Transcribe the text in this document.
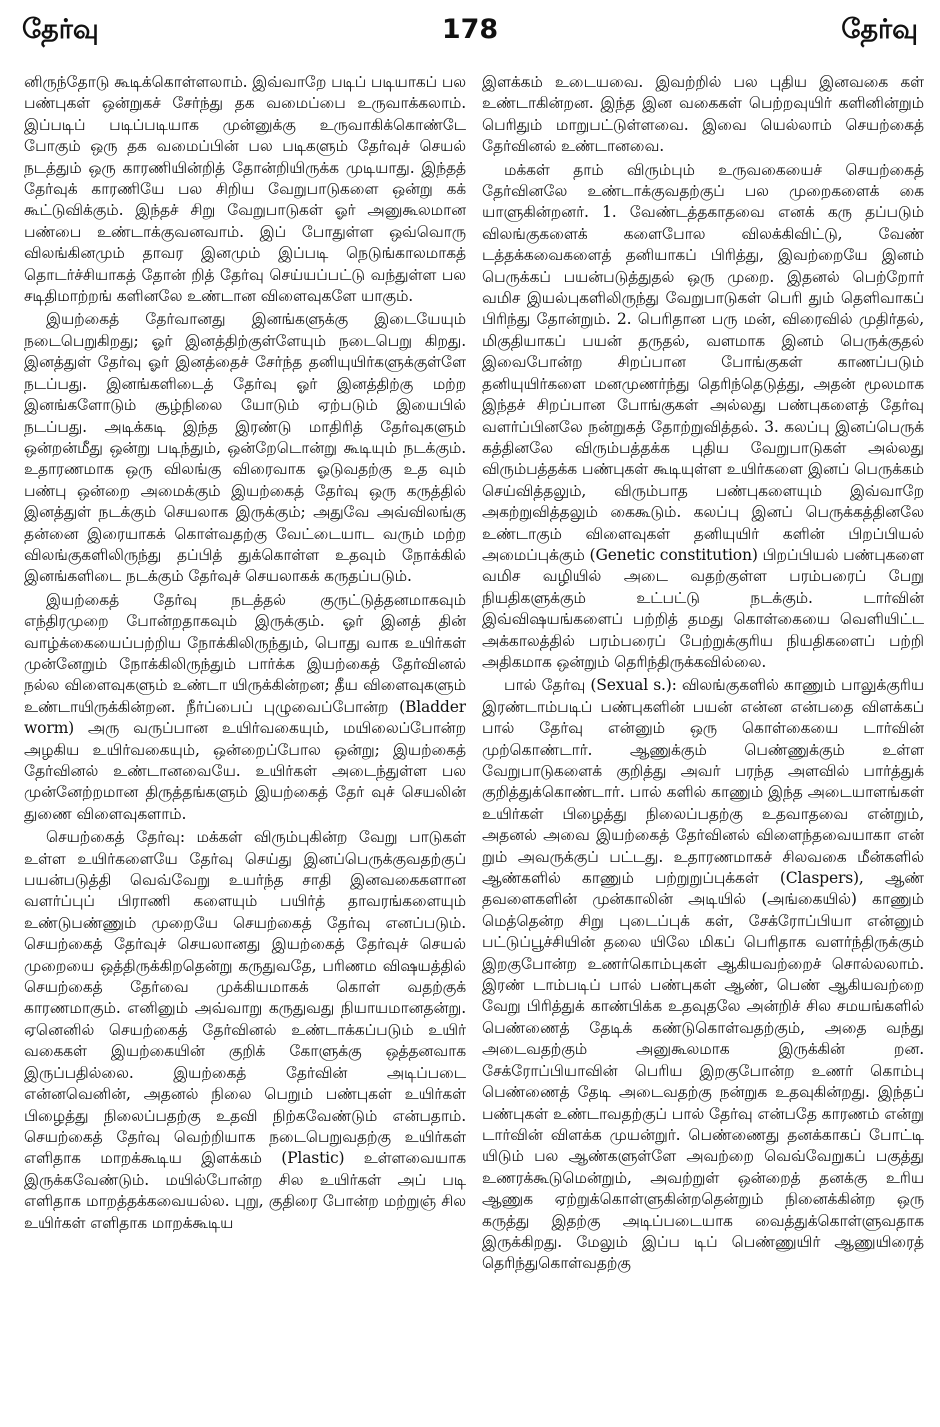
தேர்வு	178	தேர்வு

னிருந்தோடு கூடிக்கொள்ளலாம். இவ்வாறே படிப் படியாகப் பல பண்புகள் ஒன்றுகச் சேர்ந்து தக வமைப்பை உருவாக்கலாம். இப்படிப் படிப்படியாக முன்னுக்கு உருவாகிக்கொண்டே போகும் ஒரு தக வமைப்பின் பல படிகளும் தேர்வுச் செயல் நடத்தும் ஒரு காரணியின்றித் தோன்றியிருக்க முடியாது. இந்தத் தேர்வுக் காரணியே பல சிறிய வேறுபாடுகளை ஒன்று கக் கூட்டுவிக்கும். இந்தச் சிறு வேறுபாடுகள் ஓர் அனுகூலமான பண்பை உண்டாக்குவனவாம். இப் போதுள்ள ஒவ்வொரு விலங்கினமும் தாவர இனமும் இப்படி நெடுங்காலமாகத் தொடர்ச்சியாகத் தோன் றித் தேர்வு செய்யப்பட்டு வந்துள்ள பல சடிதிமாற்றங் களினலே உண்டான விளைவுகளே யாகும்.

இயற்கைத் தேர்வானது இனங்களுக்கு இடையேயும் நடைபெறுகிறது; ஓர் இனத்திற்குள்ளேயும் நடைபெறு கிறது. இனத்துள் தேர்வு ஓர் இனத்தைச் சேர்ந்த தனியுயிர்களுக்குள்ளே நடப்பது. இனங்களிடைத் தேர்வு ஓர் இனத்திற்கு மற்ற இனங்களோடும் சூழ்நிலை யோடும் ஏற்படும் இயைபில் நடப்பது. அடிக்கடி இந்த இரண்டு மாதிரித் தேர்வுகளும் ஒன்றன்மீது ஒன்று படிந்தும், ஒன்றேடொன்று கூடியும் நடக்கும். உதாரணமாக ஒரு விலங்கு விரைவாக ஓடுவதற்கு உத வும் பண்பு ஒன்றை அமைக்கும் இயற்கைத் தேர்வு ஒரு கருத்தில் இனத்துள் நடக்கும் செயலாக இருக்கும்; அதுவே அவ்விலங்கு தன்னை இரையாகக் கொள்வதற்கு வேட்டையாட வரும் மற்ற விலங்குகளிலிருந்து தப்பித் துக்கொள்ள உதவும் நோக்கில் இனங்களிடை நடக்கும் தேர்வுச் செயலாகக் கருதப்படும்.

இயற்கைத் தேர்வு நடத்தல் குருட்டுத்தனமாகவும் எந்திரமுறை போன்றதாகவும் இருக்கும். ஓர் இனத் தின் வாழ்க்கையைப்பற்றிய நோக்கிலிருந்தும், பொது வாக உயிர்கள் முன்னேறும் நோக்கிலிருந்தும் பார்க்க இயற்கைத் தேர்வினல் நல்ல விளைவுகளும் உண்டா யிருக்கின்றன; தீய விளைவுகளும் உண்டாயிருக்கின்றன. நீர்ப்பைப் புழுவைப்போன்ற (Bladder worm) அரு வருப்பான உயிர்வகையும், மயிலைப்போன்ற அழகிய உயிர்வகையும், ஒன்றைப்போல ஒன்று; இயற்கைத் தேர்வினல் உண்டானவையே. உயிர்கள் அடைந்துள்ள பல முன்னேற்றமான திருத்தங்களும் இயற்கைத் தேர் வுச் செயலின் துணை விளைவுகளாம்.

செயற்கைத் தேர்வு: மக்கள் விரும்புகின்ற வேறு பாடுகள் உள்ள உயிர்களையே தேர்வு செய்து இனப்பெருக்குவதற்குப் பயன்படுத்தி வெவ்வேறு உயர்ந்த சாதி இனவகைகளான வளர்ப்புப் பிராணி களையும் பயிர்த் தாவரங்களையும் உண்டுபண்ணும் முறையே செயற்கைத் தேர்வு எனப்படும். செயற்கைத் தேர்வுச் செயலானது இயற்கைத் தேர்வுச் செயல் முறையை ஒத்திருக்கிறதென்று கருதுவதே, பரிணம விஷயத்தில் செயற்கைத் தேர்வை முக்கியமாகக் கொள் வதற்குக் காரணமாகும். எனினும் அவ்வாறு கருதுவது நியாயமானதன்று. ஏனெனில் செயற்கைத் தேர்வினல் உண்டாக்கப்படும் உயிர் வகைகள் இயற்கையின் குறிக் கோளுக்கு ஒத்தனவாக இருப்பதில்லை. இயற்கைத் தேர்வின் அடிப்படை என்னவெனின், அதனல் நிலை பெறும் பண்புகள் உயிர்கள் பிழைத்து நிலைப்பதற்கு உதவி நிற்கவேண்டும் என்பதாம். செயற்கைத் தேர்வு வெற்றியாக நடைபெறுவதற்கு உயிர்கள் எளிதாக மாறக்கூடிய இளக்கம் (Plastic) உள்ளவையாக இருக்கவேண்டும். மயில்போன்ற சில உயிர்கள் அப் படி எளிதாக மாறத்தக்கவையல்ல. புறு, குதிரை போன்ற மற்றுஞ் சில உயிர்கள் எளிதாக மாறக்கூடிய

இளக்கம் உடையவை. இவற்றில் பல புதிய இனவகை கள் உண்டாகின்றன. இந்த இன வகைகள் பெற்றவுயிர் களினின்றும் பெரிதும் மாறுபட்டுள்ளவை. இவை யெல்லாம் செயற்கைத் தேர்வினல் உண்டானவை.

மக்கள் தாம் விரும்பும் உருவகையைச் செயற்கைத் தேர்வினலே உண்டாக்குவதற்குப் பல முறைகளைக் கை யாளுகின்றனர். 1. வேண்டத்தகாதவை எனக் கரு தப்படும் விலங்குகளைக் களைபோல விலக்கிவிட்டு, வேண் டத்தக்கவைகளைத் தனியாகப் பிரித்து, இவற்றையே இனம் பெருக்கப் பயன்படுத்துதல் ஒரு முறை. இதனல் பெற்றோர் வமிச இயல்புகளிலிருந்து வேறுபாடுகள் பெரி தும் தெளிவாகப் பிரிந்து தோன்றும். 2. பெரிதான பரு மன், விரைவில் முதிர்தல், மிகுதியாகப் பயன் தருதல், வளமாக இனம் பெருக்குதல் இவைபோன்ற சிறப்பான போங்குகள் காணப்படும் தனியுயிர்களை மனமுணர்ந்து தெரிந்தெடுத்து, அதன் மூலமாக இந்தச் சிறப்பான போங்குகள் அல்லது பண்புகளைத் தேர்வு வளர்ப்பினலே நன்றுகத் தோற்றுவித்தல். 3. கலப்பு இனப்பெருக் கத்தினலே விரும்பத்தக்க புதிய வேறுபாடுகள் அல்லது விரும்பத்தக்க பண்புகள் கூடியுள்ள உயிர்களை இனப் பெருக்கம் செய்வித்தலும், விரும்பாத பண்புகளையும் இவ்வாறே அகற்றுவித்தலும் கைகூடும். கலப்பு இனப் பெருக்கத்தினலே உண்டாகும் விளைவுகள் தனியுயிர் களின் பிறப்பியல் அமைப்புக்கும் (Genetic constitution) பிறப்பியல் பண்புகளை வமிச வழியில் அடை வதற்குள்ள பரம்பரைப் பேறு நியதிகளுக்கும் உட்பட்டு நடக்கும். டார்வின் இவ்விஷயங்களைப் பற்றித் தமது கொள்கையை வெளியிட்ட அக்காலத்தில் பரம்பரைப் பேற்றுக்குரிய நியதிகளைப் பற்றி அதிகமாக ஒன்றும் தெரிந்திருக்கவில்லை.

பால் தேர்வு (Sexual s.): விலங்குகளில் காணும் பாலுக்குரிய இரண்டாம்படிப் பண்புகளின் பயன் என்ன என்பதை விளக்கப் பால் தேர்வு என்னும் ஒரு கொள்கையை டார்வின் முற்கொண்டார். ஆணுக்கும் பெண்ணுக்கும் உள்ள வேறுபாடுகளைக் குறித்து அவர் பரந்த அளவில் பார்த்துக் குறித்துக்கொண்டார். பால் களில் காணும் இந்த அடையாளங்கள் உயிர்கள் பிழைத்து நிலைப்பதற்கு உதவாதவை என்றும், அதனல் அவை இயற்கைத் தேர்வினல் விளைந்தவையாகா என் றும் அவருக்குப் பட்டது. உதாரணமாகச் சிலவகை மீன்களில் ஆண்களில் காணும் பற்றுறுப்புக்கள் (Claspers), ஆண் தவளைகளின் முன்காலின் அடியில் (அங்கையில்) காணும் மெத்தென்ற சிறு புடைப்புக் கள், சேக்ரோப்பியா என்னும் பட்டுப்பூச்சியின் தலை யிலே மிகப் பெரிதாக வளர்ந்திருக்கும் இறகுபோன்ற உணர்கொம்புகள் ஆகியவற்றைச் சொல்லலாம். இரண் டாம்படிப் பால் பண்புகள் ஆண், பெண் ஆகியவற்றை வேறு பிரித்துக் காண்பிக்க உதவுதலே அன்றிச் சில சமயங்களில் பெண்ணைத் தேடிக் கண்டுகொள்வதற்கும், அதை வந்து அடைவதற்கும் அனுகூலமாக இருக்கின் றன. சேக்ரோப்பியாவின் பெரிய இறகுபோன்ற உணர் கொம்பு பெண்ணைத் தேடி அடைவதற்கு நன்றுக உதவுகின்றது. இந்தப் பண்புகள் உண்டாவதற்குப் பால் தேர்வு என்பதே காரணம் என்று டார்வின் விளக்க முயன்றுர். பெண்ணைது தனக்காகப் போட்டி யிடும் பல ஆண்களுள்ளே அவற்றை வெவ்வேறுகப் பகுத்து உணரக்கூடுமென்றும், அவற்றுள் ஒன்றைத் தனக்கு உரிய ஆணுக ஏற்றுக்கொள்ளுகின்றதென்றும் நினைக்கின்ற ஒரு கருத்து இதற்கு அடிப்படையாக வைத்துக்கொள்ளுவதாக இருக்கிறது. மேலும் இப்ப டிப் பெண்ணுயிர் ஆணுயிரைத் தெரிந்துகொள்வதற்கு
